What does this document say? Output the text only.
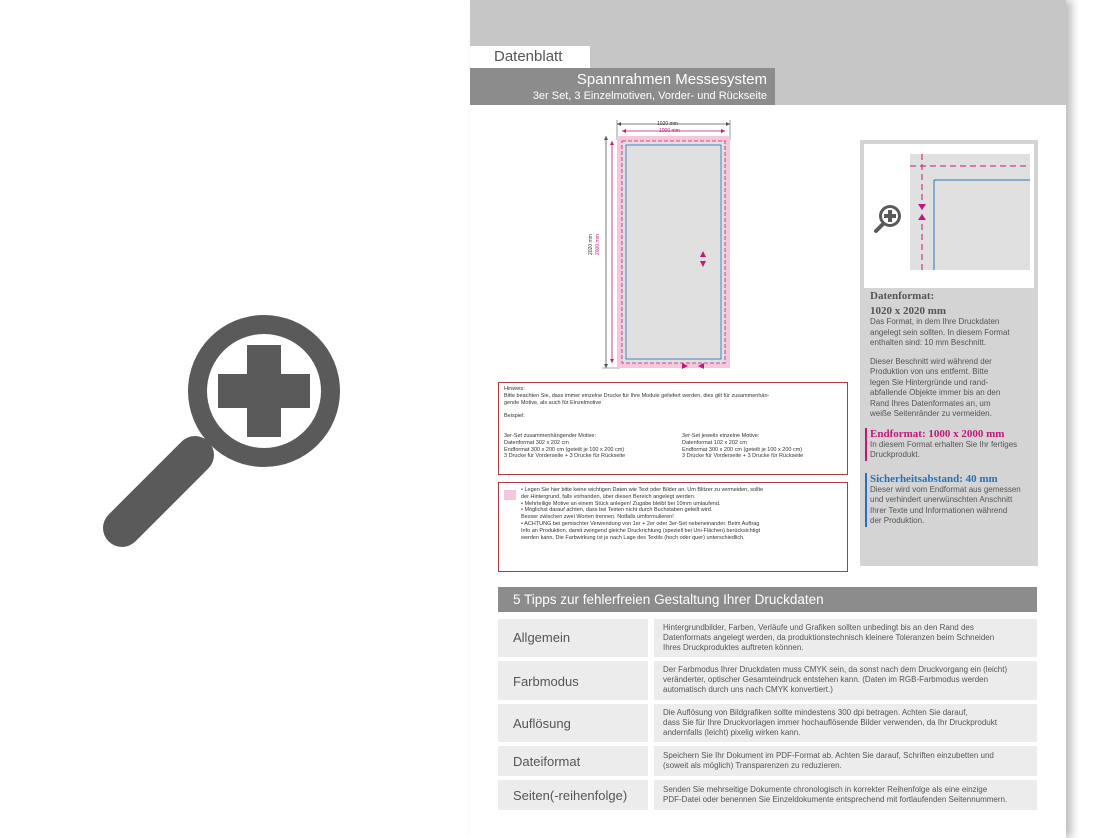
Datenblatt
Spannrahmen Messesystem
3er Set, 3 Einzelmotiven, Vorder- und Rückseite
1020 mm
1000 mm
2020 mm 2000 mm
Hinweis:
Bitte beachten Sie, dass immer einzelne Drucke für Ihre Module geliefert werden, dies gilt für zusammenhän-
gende Motive, als auch für Einzelmotive
Beispiel:
3er-Set zusammenhängender Motive:
Datenformat 302 x 202 cm
Endformat 300 x 200 cm (geteilt je 100 x 200 cm)
3 Drucke für Vorderseite + 3 Drucke für Rückseite
3er-Set jeweils einzelne Motive:
Datenformat 102 x 202 cm
Endformat 300 x 200 cm (geteilt je 100 x 200 cm)
3 Drucke für Vorderseite + 3 Drucke für Rückseite
• Legen Sie hier bitte keine wichtigen Daten wie Text oder Bilder an. Um Blitzer zu vermeiden, sollte
der Hintergrund, falls vorhanden, über diesen Bereich angelegt werden.
• Mehrteilige Motive an einem Stück anlegen! Zugabe bleibt bei 10mm umlaufend.
• Möglichst darauf achten, dass bei Texten nicht durch Buchstaben geteilt wird.
Besser zwischen zwei Worten trennen. Notfalls umformulieren!
• ACHTUNG bei gemischter Verwendung von 1er + 2er oder 3er-Set nebeneinander. Beim Auftrag
Info an Produktion, damit zwingend gleiche Druckrichtung (speziell bei Uni-Flächen) berücksichtigt
werden kann. Die Farbwirkung ist je nach Lage des Textils (hoch oder quer) unterschiedlich.
Datenformat:
1020 x 2020 mm
Das Format, in dem Ihre Druckdaten
angelegt sein sollten. In diesem Format
enthalten sind: 10 mm Beschnitt.
Dieser Beschnitt wird während der
Produktion von uns entfernt. Bitte
legen Sie Hintergründe und rand-
abfallende Objekte immer bis an den
Rand Ihres Datenformates an, um
weiße Seitenränder zu vermeiden.
Endformat: 1000 x 2000 mm
In diesem Format erhalten Sie Ihr fertiges
Druckprodukt.
Sicherheitsabstand: 40 mm
Dieser wird vom Endformat aus gemessen
und verhindert unerwünschten Anschnitt
Ihrer Texte und Informationen während
der Produktion.
5 Tipps zur fehlerfreien Gestaltung Ihrer Druckdaten
Allgemein
Hintergrundbilder, Farben, Verläufe und Grafiken sollten unbedingt bis an den Rand des
Datenformats angelegt werden, da produktionstechnisch kleinere Toleranzen beim Schneiden
Ihres Druckproduktes auftreten können.
Farbmodus
Der Farbmodus Ihrer Druckdaten muss CMYK sein, da sonst nach dem Druckvorgang ein (leicht)
veränderter, optischer Gesamteindruck entstehen kann. (Daten im RGB-Farbmodus werden
automatisch durch uns nach CMYK konvertiert.)
Auflösung
Die Auflösung von Bildgrafiken sollte mindestens 300 dpi betragen. Achten Sie darauf,
dass Sie für Ihre Druckvorlagen immer hochauflösende Bilder verwenden, da Ihr Druckprodukt
andernfalls (leicht) pixelig wirken kann.
Dateiformat	Speichern Sie Ihr Dokument im PDF-Format ab. Achten Sie darauf, Schriften einzubetten und
(soweit als möglich) Transparenzen zu reduzieren.
Seiten(-reihenfolge)	Senden Sie mehrseitige Dokumente chronologisch in korrekter Reihenfolge als eine einzige
PDF-Datei oder benennen Sie Einzeldokumente entsprechend mit fortlaufenden Seitennummern.
